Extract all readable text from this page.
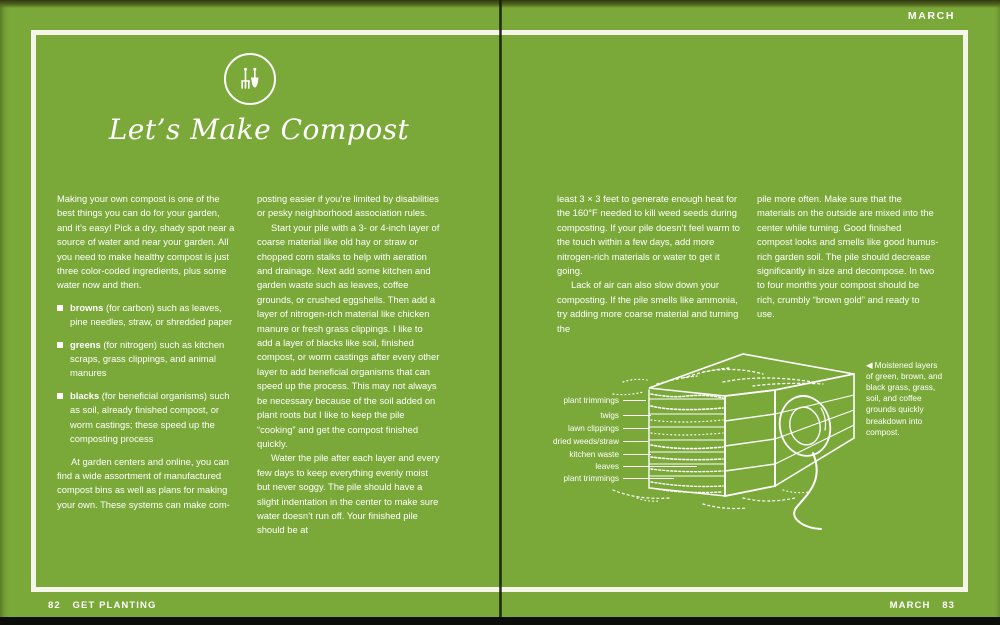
MARCH
Let’s Make Compost

Making your own compost is one of the best things you can do for your garden, and it’s easy! Pick a dry, shady spot near a source of water and near your garden. All you need to make healthy compost is just three color-coded ingredients, plus some water now and then.

browns (for carbon) such as leaves, pine needles, straw, or shredded paper
greens (for nitrogen) such as kitchen scraps, grass clippings, and animal manures
blacks (for beneficial organisms) such as soil, already finished compost, or worm castings; these speed up the composting process

At garden centers and online, you can find a wide assortment of manufactured compost bins as well as plans for making your own. These systems can make com-

posting easier if you’re limited by disabilities or pesky neighborhood association rules.

Start your pile with a 3- or 4-inch layer of coarse material like old hay or straw or chopped corn stalks to help with aeration and drainage. Next add some kitchen and garden waste such as leaves, coffee grounds, or crushed eggshells. Then add a layer of nitrogen-rich material like chicken manure or fresh grass clippings. I like to add a layer of blacks like soil, finished compost, or worm castings after every other layer to add beneficial organisms that can speed up the process. This may not always be necessary because of the soil added on plant roots but I like to keep the pile “cooking” and get the compost finished quickly.

Water the pile after each layer and every few days to keep everything evenly moist but never soggy. The pile should have a slight indentation in the center to make sure water doesn’t run off. Your finished pile should be at

least 3 × 3 feet to generate enough heat for the 160°F needed to kill weed seeds during composting. If your pile doesn’t feel warm to the touch within a few days, add more nitrogen-rich materials or water to get it going.

Lack of air can also slow down your composting. If the pile smells like ammonia, try adding more coarse material and turning the

pile more often. Make sure that the materials on the outside are mixed into the center while turning. Good finished compost looks and smells like good humus-rich garden soil. The pile should decrease significantly in size and decompose. In two to four months your compost should be rich, crumbly “brown gold” and ready to use.

plant trimmings
twigs
lawn clippings
dried weeds/straw
kitchen waste
leaves
plant trimmings
◀ Moistened layers of green, brown, and black grass, grass, soil, and coffee grounds quickly breakdown into compost.
82 GET PLANTING	MARCH 83
